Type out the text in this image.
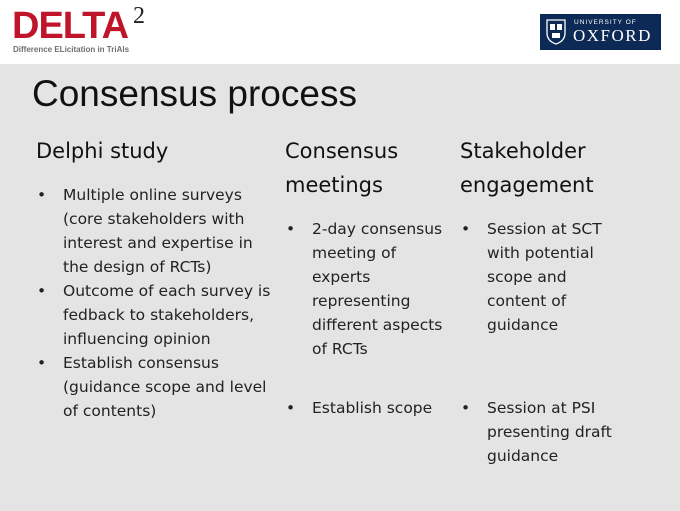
DELTA 2
Difference ELicitation in TriAls
UNIVERSITY OF
OXFORD
Consensus process
Delphi study
• Multiple online surveys (core stakeholders with interest and expertise in the design of RCTs)
• Outcome of each survey is fedback to stakeholders, influencing opinion
• Establish consensus (guidance scope and level of contents)
Consensus meetings
• 2-day consensus meeting of experts representing different aspects of RCTs
• Establish scope
Stakeholder engagement
• Session at SCT with potential scope and content of guidance
• Session at PSI presenting draft guidance
